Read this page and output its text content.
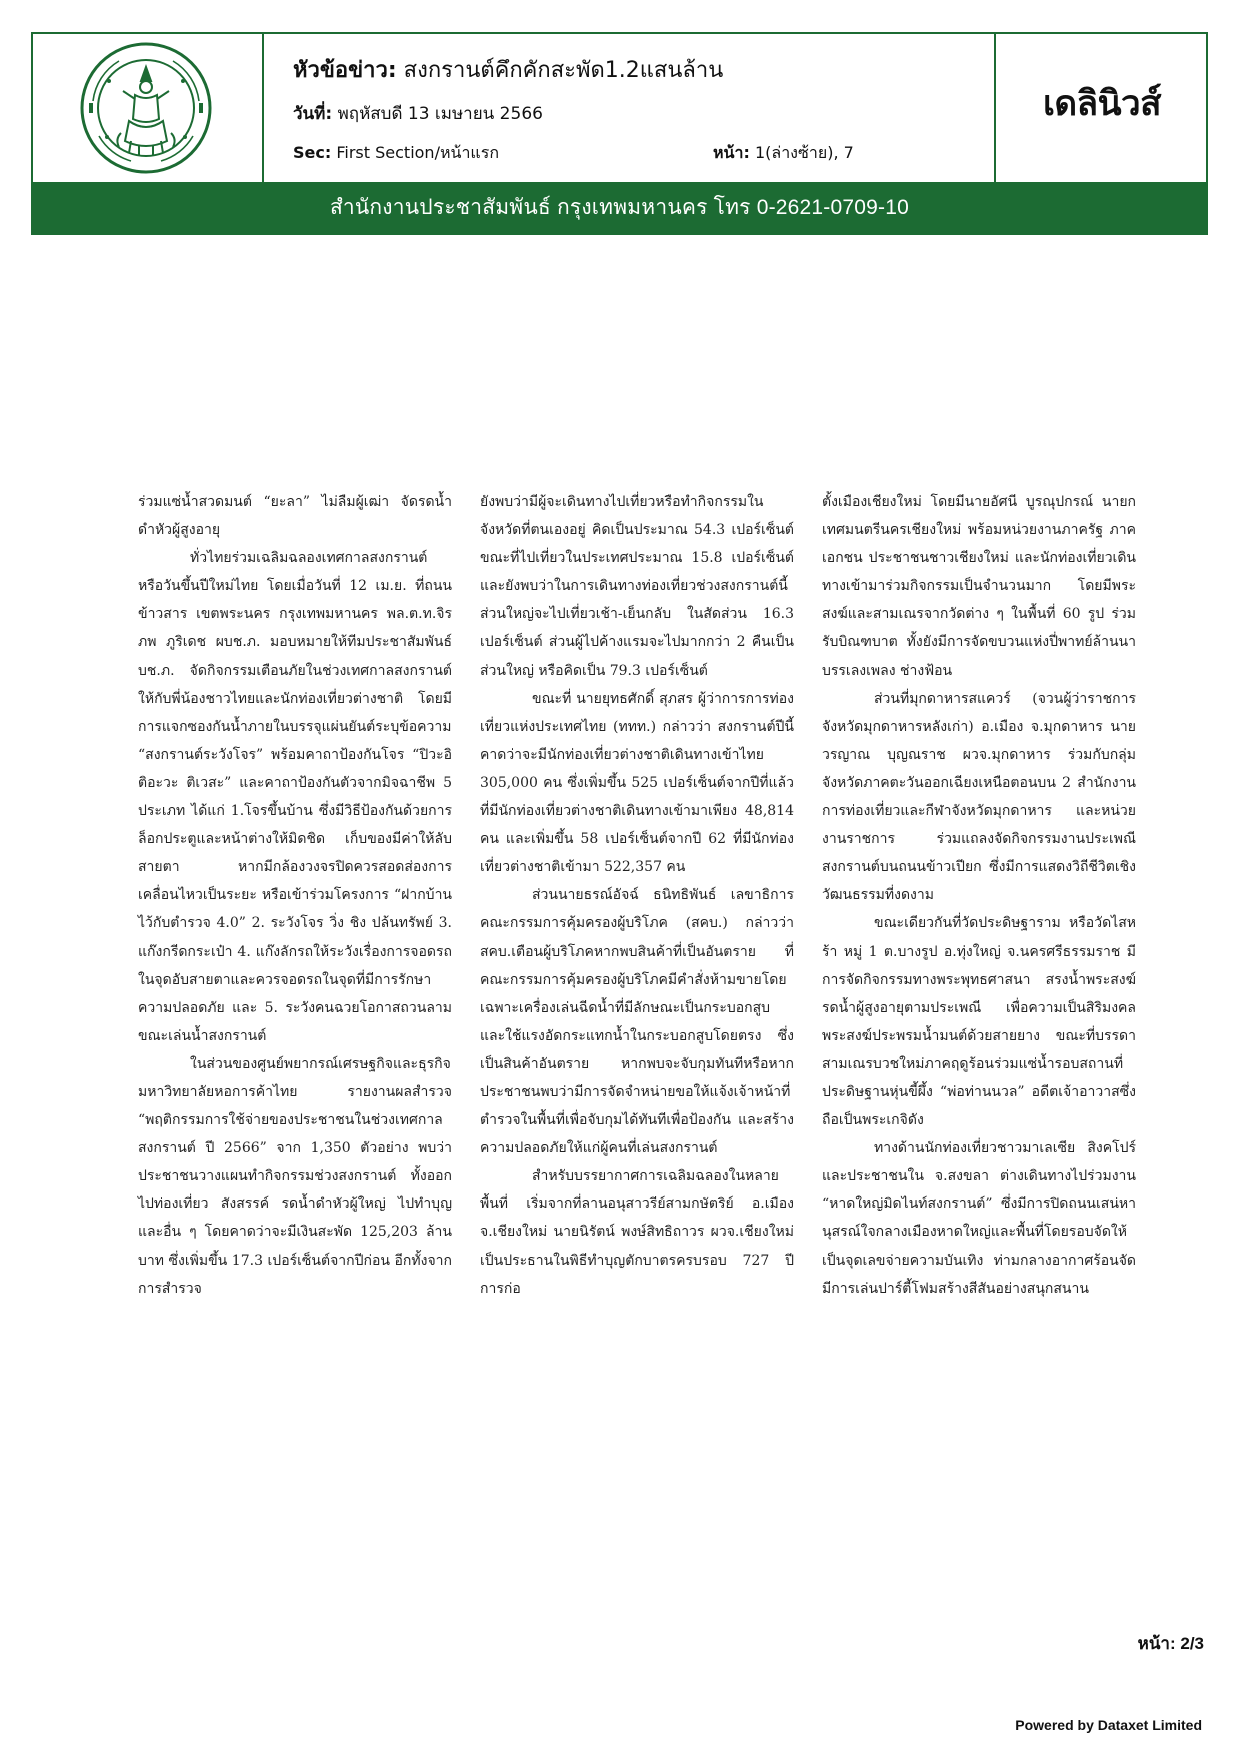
หัวข้อข่าว: สงกรานต์คึกคักสะพัด1.2แสนล้าน
วันที่: พฤหัสบดี 13 เมษายน 2566
Sec: First Section/หน้าแรก	หน้า: 1(ล่างซ้าย), 7
เดลินิวส์
สำนักงานประชาสัมพันธ์ กรุงเทพมหานคร โทร 0-2621-0709-10

ร่วมแซ่น้ำสวดมนต์ “ยะลา” ไม่ลืมผู้เฒ่า จัดรดน้ำดำหัวผู้สูงอายุ

ทั่วไทยร่วมเฉลิมฉลองเทศกาลสงกรานต์หรือวันขึ้นปีใหม่ไทย โดยเมื่อวันที่ 12 เม.ย. ที่ถนนข้าวสาร เขตพระนคร กรุงเทพมหานคร พล.ต.ท.จิรภพ ภูริเดช ผบช.ภ. มอบหมายให้ทีมประชาสัมพันธ์ บช.ภ. จัดกิจกรรมเตือนภัยในช่วงเทศกาลสงกรานต์ให้กับพี่น้องชาวไทยและนักท่องเที่ยวต่างชาติ โดยมีการแจกซองกันน้ำภายในบรรจุแผ่นยันต์ระบุข้อความ “สงกรานต์ระวังโจร” พร้อมคาถาป้องกันโจร “ปิวะอิติอะวะ ติเวสะ” และคาถาป้องกันตัวจากมิจฉาชีพ 5 ประเภท ได้แก่ 1.โจรขึ้นบ้าน ซึ่งมีวิธีป้องกันด้วยการล็อกประตูและหน้าต่างให้มิดชิด เก็บของมีค่าให้ลับสายตา หากมีกล้องวงจรปิดควรสอดส่องการเคลื่อนไหวเป็นระยะ หรือเข้าร่วมโครงการ “ฝากบ้านไว้กับตำรวจ 4.0” 2. ระวังโจร วิ่ง ชิง ปล้นทรัพย์ 3. แก๊งกรีดกระเป๋า 4. แก๊งลักรถให้ระวังเรื่องการจอดรถในจุดอับสายตาและควรจอดรถในจุดที่มีการรักษาความปลอดภัย และ 5. ระวังคนฉวยโอกาสถวนลามขณะเล่นน้ำสงกรานต์

ในส่วนของศูนย์พยากรณ์เศรษฐกิจและธุรกิจ มหาวิทยาลัยหอการค้าไทย รายงานผลสำรวจ “พฤติกรรมการใช้จ่ายของประชาชนในช่วงเทศกาลสงกรานต์ ปี 2566” จาก 1,350 ตัวอย่าง พบว่า ประชาชนวางแผนทำกิจกรรมช่วงสงกรานต์ ทั้งออกไปท่องเที่ยว สังสรรค์ รดน้ำดำหัวผู้ใหญ่ ไปทำบุญ และอื่น ๆ โดยคาดว่าจะมีเงินสะพัด 125,203 ล้านบาท ซึ่งเพิ่มขึ้น 17.3 เปอร์เซ็นต์จากปีก่อน อีกทั้งจากการสำรวจ

ยังพบว่ามีผู้จะเดินทางไปเที่ยวหรือทำกิจกรรมในจังหวัดที่ตนเองอยู่ คิดเป็นประมาณ 54.3 เปอร์เซ็นต์ ขณะที่ไปเที่ยวในประเทศประมาณ 15.8 เปอร์เซ็นต์ และยังพบว่าในการเดินทางท่องเที่ยวช่วงสงกรานต์นี้ส่วนใหญ่จะไปเที่ยวเช้า-เย็นกลับ ในสัดส่วน 16.3 เปอร์เซ็นต์ ส่วนผู้ไปค้างแรมจะไปมากกว่า 2 คืนเป็นส่วนใหญ่ หรือคิดเป็น 79.3 เปอร์เซ็นต์

ขณะที่ นายยุทธศักดิ์ สุภสร ผู้ว่าการการท่องเที่ยวแห่งประเทศไทย (ททท.) กล่าวว่า สงกรานต์ปีนี้คาดว่าจะมีนักท่องเที่ยวต่างชาติเดินทางเข้าไทย 305,000 คน ซึ่งเพิ่มขึ้น 525 เปอร์เซ็นต์จากปีที่แล้วที่มีนักท่องเที่ยวต่างชาติเดินทางเข้ามาเพียง 48,814 คน และเพิ่มขึ้น 58 เปอร์เซ็นต์จากปี 62 ที่มีนักท่องเที่ยวต่างชาติเข้ามา 522,357 คน

ส่วนนายธรณ์อัจฉ์ ธนิทธิพันธ์ เลขาธิการคณะกรรมการคุ้มครองผู้บริโภค (สคบ.) กล่าวว่า สคบ.เตือนผู้บริโภคหากพบสินค้าที่เป็นอันตราย ที่คณะกรรมการคุ้มครองผู้บริโภคมีคำสั่งห้ามขายโดยเฉพาะเครื่องเล่นฉีดน้ำที่มีลักษณะเป็นกระบอกสูบและใช้แรงอัดกระแทกน้ำในกระบอกสูบโดยตรง ซึ่งเป็นสินค้าอันตราย หากพบจะจับกุมทันทีหรือหากประชาชนพบว่ามีการจัดจำหน่ายขอให้แจ้งเจ้าหน้าที่ตำรวจในพื้นที่เพื่อจับกุมได้ทันทีเพื่อป้องกัน และสร้างความปลอดภัยให้แก่ผู้คนที่เล่นสงกรานต์

สำหรับบรรยากาศการเฉลิมฉลองในหลายพื้นที่ เริ่มจากที่ลานอนุสาวรีย์สามกษัตริย์ อ.เมือง จ.เชียงใหม่ นายนิรัตน์ พงษ์สิทธิถาวร ผวจ.เชียงใหม่ เป็นประธานในพิธีทำบุญตักบาตรครบรอบ 727 ปี การก่อ

ตั้งเมืองเชียงใหม่ โดยมีนายอัศนี บูรณุปกรณ์ นายกเทศมนตรีนครเชียงใหม่ พร้อมหน่วยงานภาครัฐ ภาคเอกชน ประชาชนชาวเชียงใหม่ และนักท่องเที่ยวเดินทางเข้ามาร่วมกิจกรรมเป็นจำนวนมาก โดยมีพระสงฆ์และสามเณรจากวัดต่าง ๆ ในพื้นที่ 60 รูป ร่วมรับบิณฑบาต ทั้งยังมีการจัดขบวนแห่งปี่พาทย์ล้านนาบรรเลงเพลง ช่างฟ้อน

ส่วนที่มุกดาหารสแควร์ (จวนผู้ว่าราชการจังหวัดมุกดาหารหลังเก่า) อ.เมือง จ.มุกดาหาร นายวรญาณ บุญณราช ผวจ.มุกดาหาร ร่วมกับกลุ่มจังหวัดภาคตะวันออกเฉียงเหนือตอนบน 2 สำนักงานการท่องเที่ยวและกีฬาจังหวัดมุกดาหาร และหน่วยงานราชการ ร่วมแถลงจัดกิจกรรมงานประเพณีสงกรานต์บนถนนข้าวเปียก ซึ่งมีการแสดงวิถีชีวิตเชิงวัฒนธรรมที่งดงาม

ขณะเดียวกันที่วัดประดิษฐาราม หรือวัดไสหร้า หมู่ 1 ต.บางรูป อ.ทุ่งใหญ่ จ.นครศรีธรรมราช มีการจัดกิจกรรมทางพระพุทธศาสนา สรงน้ำพระสงฆ์ รดน้ำผู้สูงอายุตามประเพณี เพื่อความเป็นสิริมงคล พระสงฆ์ประพรมน้ำมนต์ด้วยสายยาง ขณะที่บรรดาสามเณรบวชใหม่ภาคฤดูร้อนร่วมแซ่น้ำรอบสถานที่ประดิษฐานหุ่นขี้ผึ้ง “พ่อท่านนวล” อดีตเจ้าอาวาสซึ่งถือเป็นพระเกจิดัง

ทางด้านนักท่องเที่ยวชาวมาเลเซีย สิงคโปร์ และประชาชนใน จ.สงขลา ต่างเดินทางไปร่วมงาน “หาดใหญ่มิดไนท์สงกรานต์” ซึ่งมีการปิดถนนเสน่หานุสรณ์ใจกลางเมืองหาดใหญ่และพื้นที่โดยรอบจัดให้เป็นจุดเลขจ่ายความบันเทิง ท่ามกลางอากาศร้อนจัด มีการเล่นปาร์ตี้โฟมสร้างสีสันอย่างสนุกสนาน

หน้า: 2/3
Powered by Dataxet Limited
